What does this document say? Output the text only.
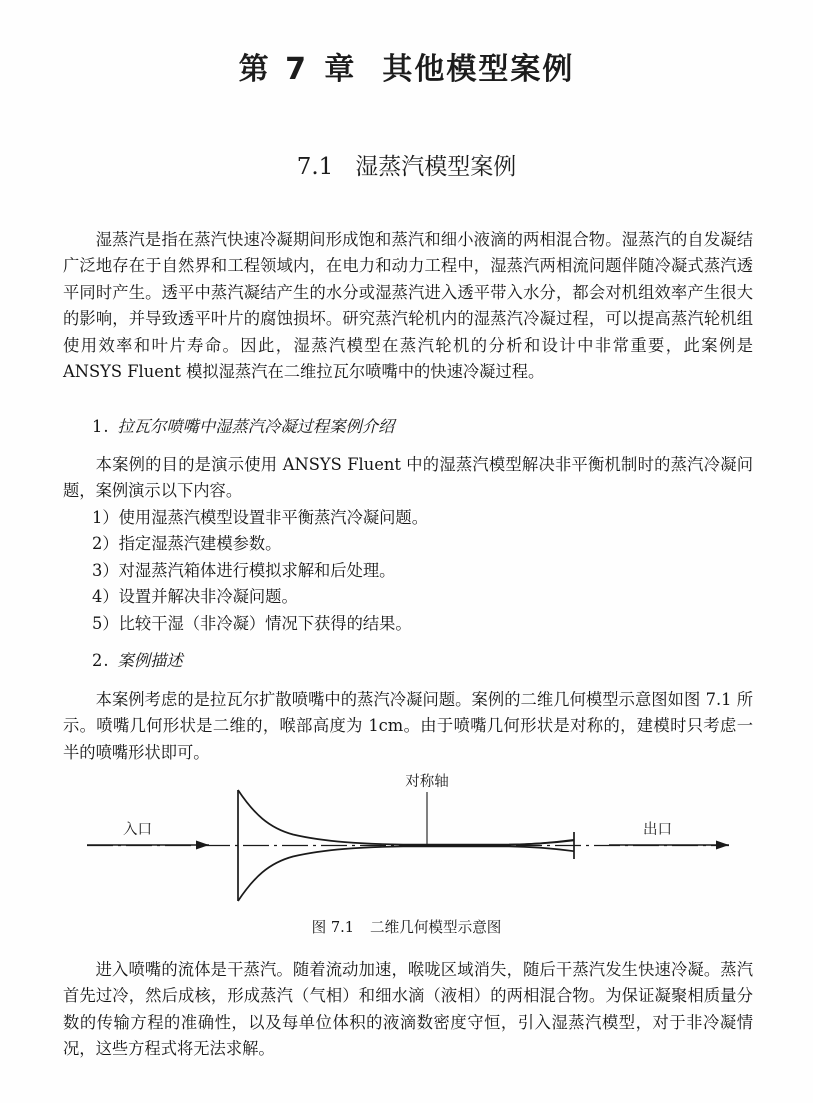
第 7 章 其他模型案例
7.1 湿蒸汽模型案例

湿蒸汽是指在蒸汽快速冷凝期间形成饱和蒸汽和细小液滴的两相混合物。湿蒸汽的自发凝结广泛地存在于自然界和工程领域内，在电力和动力工程中，湿蒸汽两相流问题伴随冷凝式蒸汽透平同时产生。透平中蒸汽凝结产生的水分或湿蒸汽进入透平带入水分，都会对机组效率产生很大的影响，并导致透平叶片的腐蚀损坏。研究蒸汽轮机内的湿蒸汽冷凝过程，可以提高蒸汽轮机组使用效率和叶片寿命。因此，湿蒸汽模型在蒸汽轮机的分析和设计中非常重要，此案例是 ANSYS Fluent 模拟湿蒸汽在二维拉瓦尔喷嘴中的快速冷凝过程。

1. 拉瓦尔喷嘴中湿蒸汽冷凝过程案例介绍

本案例的目的是演示使用 ANSYS Fluent 中的湿蒸汽模型解决非平衡机制时的蒸汽冷凝问题，案例演示以下内容。

1）使用湿蒸汽模型设置非平衡蒸汽冷凝问题。
2）指定湿蒸汽建模参数。
3）对湿蒸汽箱体进行模拟求解和后处理。
4）设置并解决非冷凝问题。
5）比较干湿（非冷凝）情况下获得的结果。
2. 案例描述

本案例考虑的是拉瓦尔扩散喷嘴中的蒸汽冷凝问题。案例的二维几何模型示意图如图 7.1 所示。喷嘴几何形状是二维的，喉部高度为 1cm。由于喷嘴几何形状是对称的，建模时只考虑一半的喷嘴形状即可。

入口	出口
对称轴
图 7.1 二维几何模型示意图

进入喷嘴的流体是干蒸汽。随着流动加速，喉咙区域消失，随后干蒸汽发生快速冷凝。蒸汽首先过冷，然后成核，形成蒸汽（气相）和细水滴（液相）的两相混合物。为保证凝聚相质量分数的传输方程的准确性，以及每单位体积的液滴数密度守恒，引入湿蒸汽模型，对于非冷凝情况，这些方程式将无法求解。
